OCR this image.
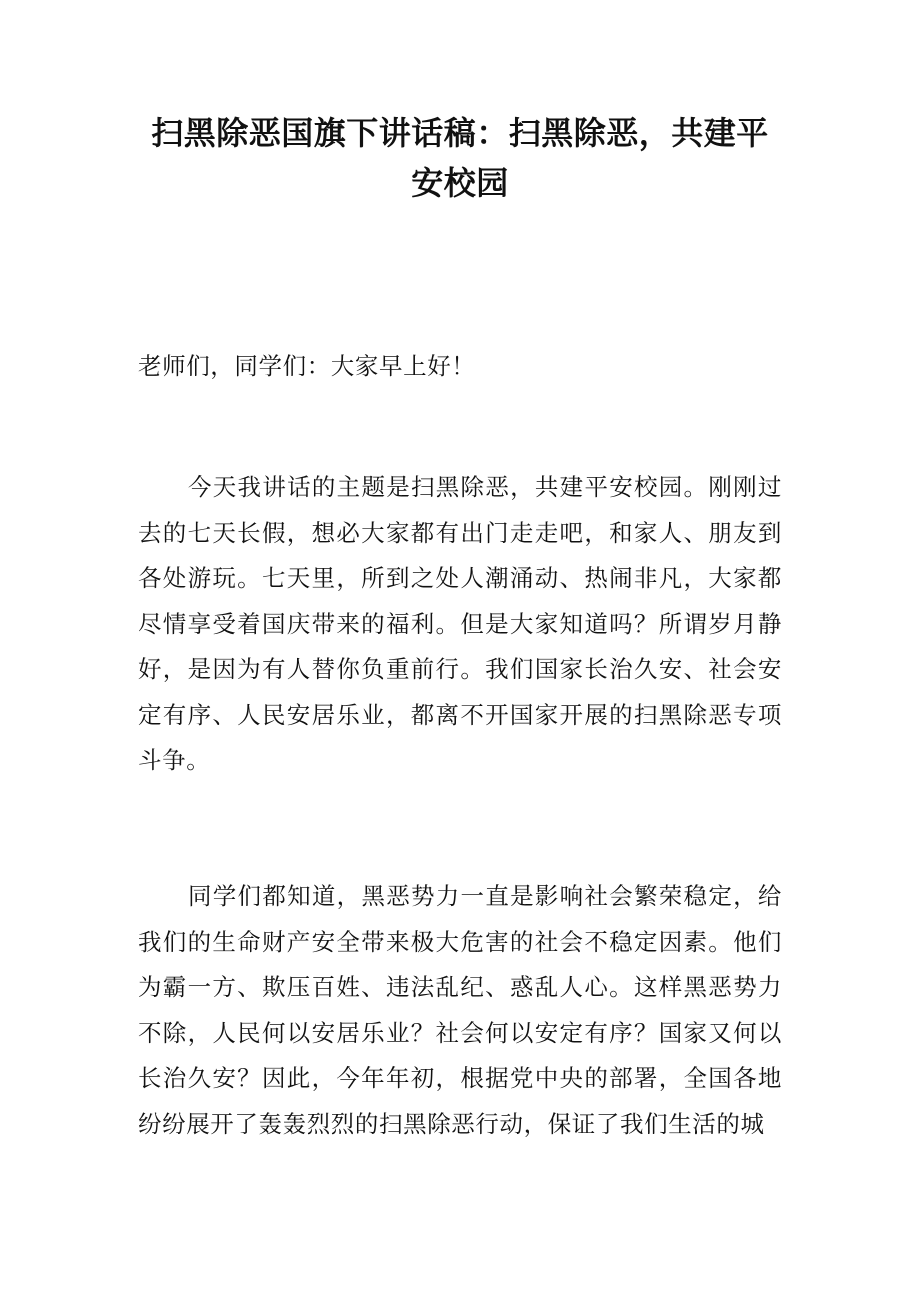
扫黑除恶国旗下讲话稿：扫黑除恶，共建平安校园

老师们，同学们：大家早上好！

今天我讲话的主题是扫黑除恶，共建平安校园。刚刚过去的七天长假，想必大家都有出门走走吧，和家人、朋友到各处游玩。七天里，所到之处人潮涌动、热闹非凡，大家都尽情享受着国庆带来的福利。但是大家知道吗？所谓岁月静好，是因为有人替你负重前行。我们国家长治久安、社会安定有序、人民安居乐业，都离不开国家开展的扫黑除恶专项斗争。

同学们都知道，黑恶势力一直是影响社会繁荣稳定，给我们的生命财产安全带来极大危害的社会不稳定因素。他们为霸一方、欺压百姓、违法乱纪、惑乱人心。这样黑恶势力不除，人民何以安居乐业？社会何以安定有序？国家又何以长治久安？因此，今年年初，根据党中央的部署，全国各地纷纷展开了轰轰烈烈的扫黑除恶行动，保证了我们生活的城
